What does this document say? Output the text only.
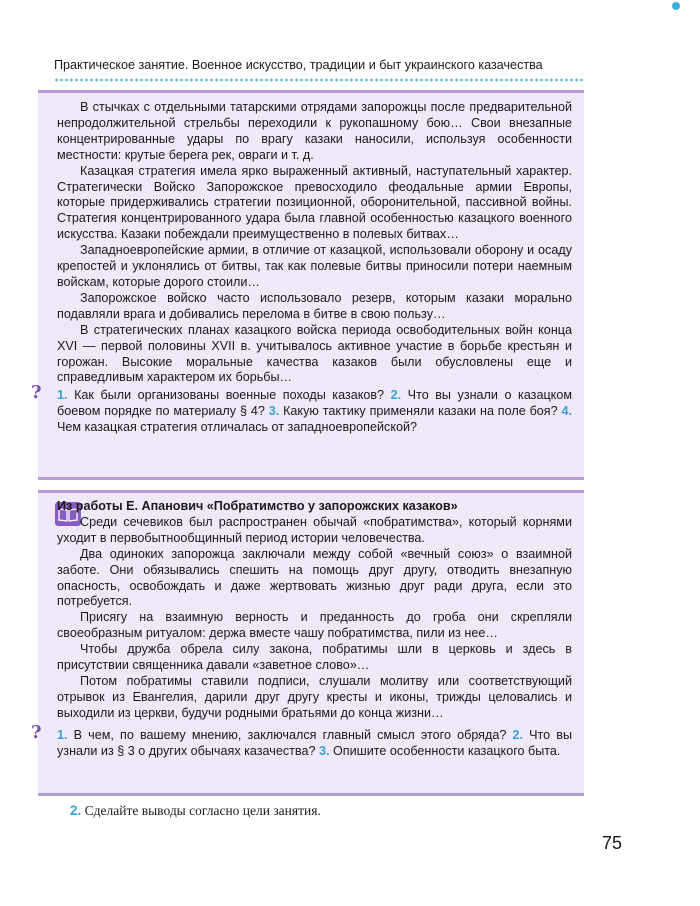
Практическое занятие. Военное искусство, традиции и быт украинского казачества

В стычках с отдельными татарскими отрядами запорожцы после предварительной непродолжительной стрельбы переходили к рукопашному бою… Свои внезапные концентрированные удары по врагу казаки наносили, используя особенности местности: крутые берега рек, овраги и т. д.

Казацкая стратегия имела ярко выраженный активный, наступательный характер. Стратегически Войско Запорожское превосходило феодальные армии Европы, которые придерживались стратегии позиционной, оборонительной, пассивной войны. Стратегия концентрированного удара была главной особенностью казацкого военного искусства. Казаки побеждали преимущественно в полевых битвах…

Западноевропейские армии, в отличие от казацкой, использовали оборону и осаду крепостей и уклонялись от битвы, так как полевые битвы приносили потери наемным войскам, которые дорого стоили…

Запорожское войско часто использовало резерв, которым казаки морально подавляли врага и добивались перелома в битве в свою пользу…

В стратегических планах казацкого войска периода освободительных войн конца XVI — первой половины XVII в. учитывалось активное участие в борьбе крестьян и горожан. Высокие моральные качества казаков были обусловлены еще и справедливым характером их борьбы…

? 1. Как были организованы военные походы казаков? 2. Что вы узнали о казацком боевом порядке по материалу § 4? 3. Какую тактику применяли казаки на поле боя? 4. Чем казацкая стратегия отличалась от западноевропейской?

Из работы Е. Апанович «Побратимство у запорожских казаков»

Среди сечевиков был распространен обычай «побратимства», который корнями уходит в первобытнообщинный период истории человечества.

Два одиноких запорожца заключали между собой «вечный союз» о взаимной заботе. Они обязывались спешить на помощь друг другу, отводить внезапную опасность, освобождать и даже жертвовать жизнью друг ради друга, если это потребуется.

Присягу на взаимную верность и преданность до гроба они скрепляли своеобразным ритуалом: держа вместе чашу побратимства, пили из нее…

Чтобы дружба обрела силу закона, побратимы шли в церковь и здесь в присутствии священника давали «заветное слово»…

Потом побратимы ставили подписи, слушали молитву или соответствующий отрывок из Евангелия, дарили друг другу кресты и иконы, трижды целовались и выходили из церкви, будучи родными братьями до конца жизни…

? 1. В чем, по вашему мнению, заключался главный смысл этого обряда? 2. Что вы узнали из § 3 о других обычаях казачества? 3. Опишите особенности казацкого быта.

2. Сделайте выводы согласно цели занятия.
75
